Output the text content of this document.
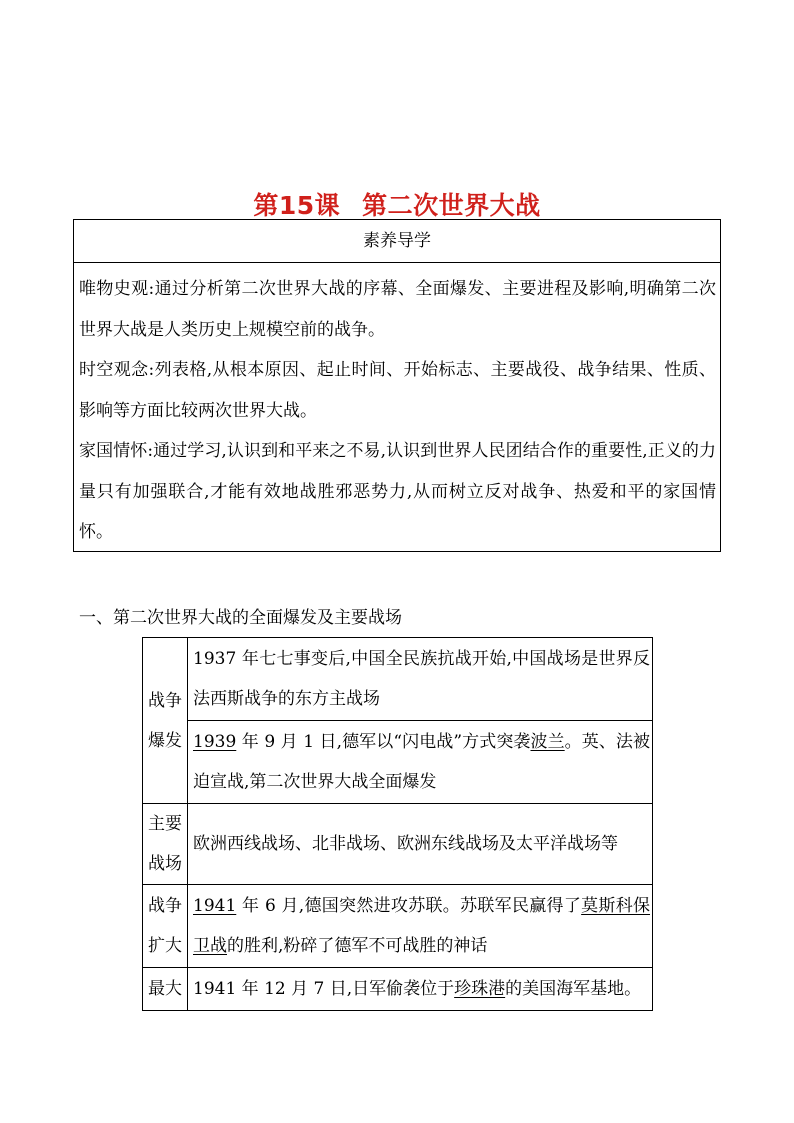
第15课 第二次世界大战
素养导学

唯物史观:通过分析第二次世界大战的序幕、全面爆发、主要进程及影响,明确第二次世界大战是人类历史上规模空前的战争。

时空观念:列表格,从根本原因、起止时间、开始标志、主要战役、战争结果、性质、影响等方面比较两次世界大战。

家国情怀:通过学习,认识到和平来之不易,认识到世界人民团结合作的重要性,正义的力量只有加强联合,才能有效地战胜邪恶势力,从而树立反对战争、热爱和平的家国情怀。

一、第二次世界大战的全面爆发及主要战场
战争爆发	1937 年七七事变后,中国全民族抗战开始,中国战场是世界反法西斯战争的东方主战场
	1939 年 9 月 1 日,德军以“闪电战”方式突袭波兰。英、法被迫宣战,第二次世界大战全面爆发
主要战场	欧洲西线战场、北非战场、欧洲东线战场及太平洋战场等
战争扩大	1941 年 6 月,德国突然进攻苏联。苏联军民赢得了莫斯科保卫战的胜利,粉碎了德军不可战胜的神话
最大	1941 年 12 月 7 日,日军偷袭位于珍珠港的美国海军基地。
